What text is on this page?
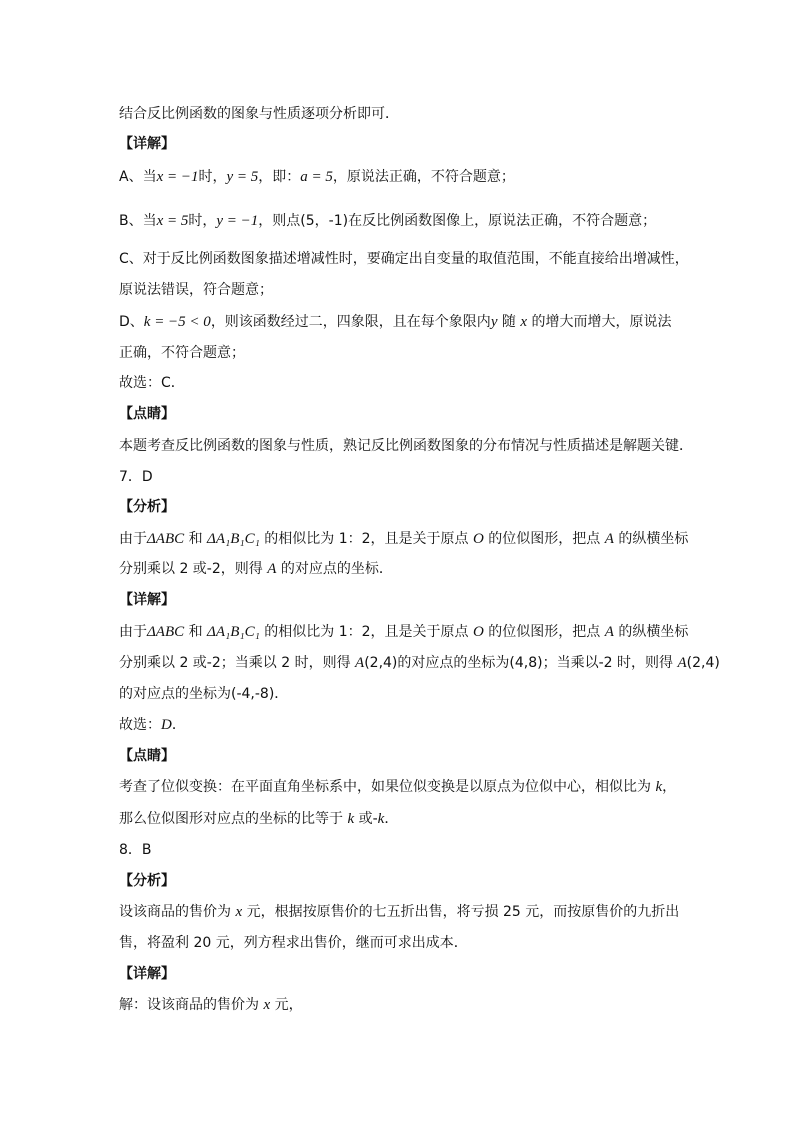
结合反比例函数的图象与性质逐项分析即可．
【详解】
A、当x = −1时，y = 5，即：a = 5，原说法正确，不符合题意；
B、当x = 5时，y = −1，则点(5，-1)在反比例函数图像上，原说法正确，不符合题意；
C、对于反比例函数图象描述增减性时，要确定出自变量的取值范围，不能直接给出增减性，
原说法错误，符合题意；
D、k = −5 < 0，则该函数经过二，四象限，且在每个象限内y 随 x 的增大而增大，原说法
正确，不符合题意；
故选：C．
【点睛】
本题考查反比例函数的图象与性质，熟记反比例函数图象的分布情况与性质描述是解题关键．
7．D
【分析】
由于ΔABC 和 ΔA₁B₁C₁ 的相似比为 1：2，且是关于原点 O 的位似图形，把点 A 的纵横坐标
分别乘以 2 或-2，则得 A 的对应点的坐标．
【详解】
由于ΔABC 和 ΔA₁B₁C₁ 的相似比为 1：2，且是关于原点 O 的位似图形，把点 A 的纵横坐标
分别乘以 2 或-2；当乘以 2 时，则得 A(2,4)的对应点的坐标为(4,8)；当乘以-2 时，则得 A(2,4)
的对应点的坐标为(-4,-8)．
故选：D．
【点睛】
考查了位似变换：在平面直角坐标系中，如果位似变换是以原点为位似中心，相似比为 k，
那么位似图形对应点的坐标的比等于 k 或-k．
8．B
【分析】
设该商品的售价为 x 元，根据按原售价的七五折出售，将亏损 25 元，而按原售价的九折出
售，将盈利 20 元，列方程求出售价，继而可求出成本．
【详解】
解：设该商品的售价为 x 元，
